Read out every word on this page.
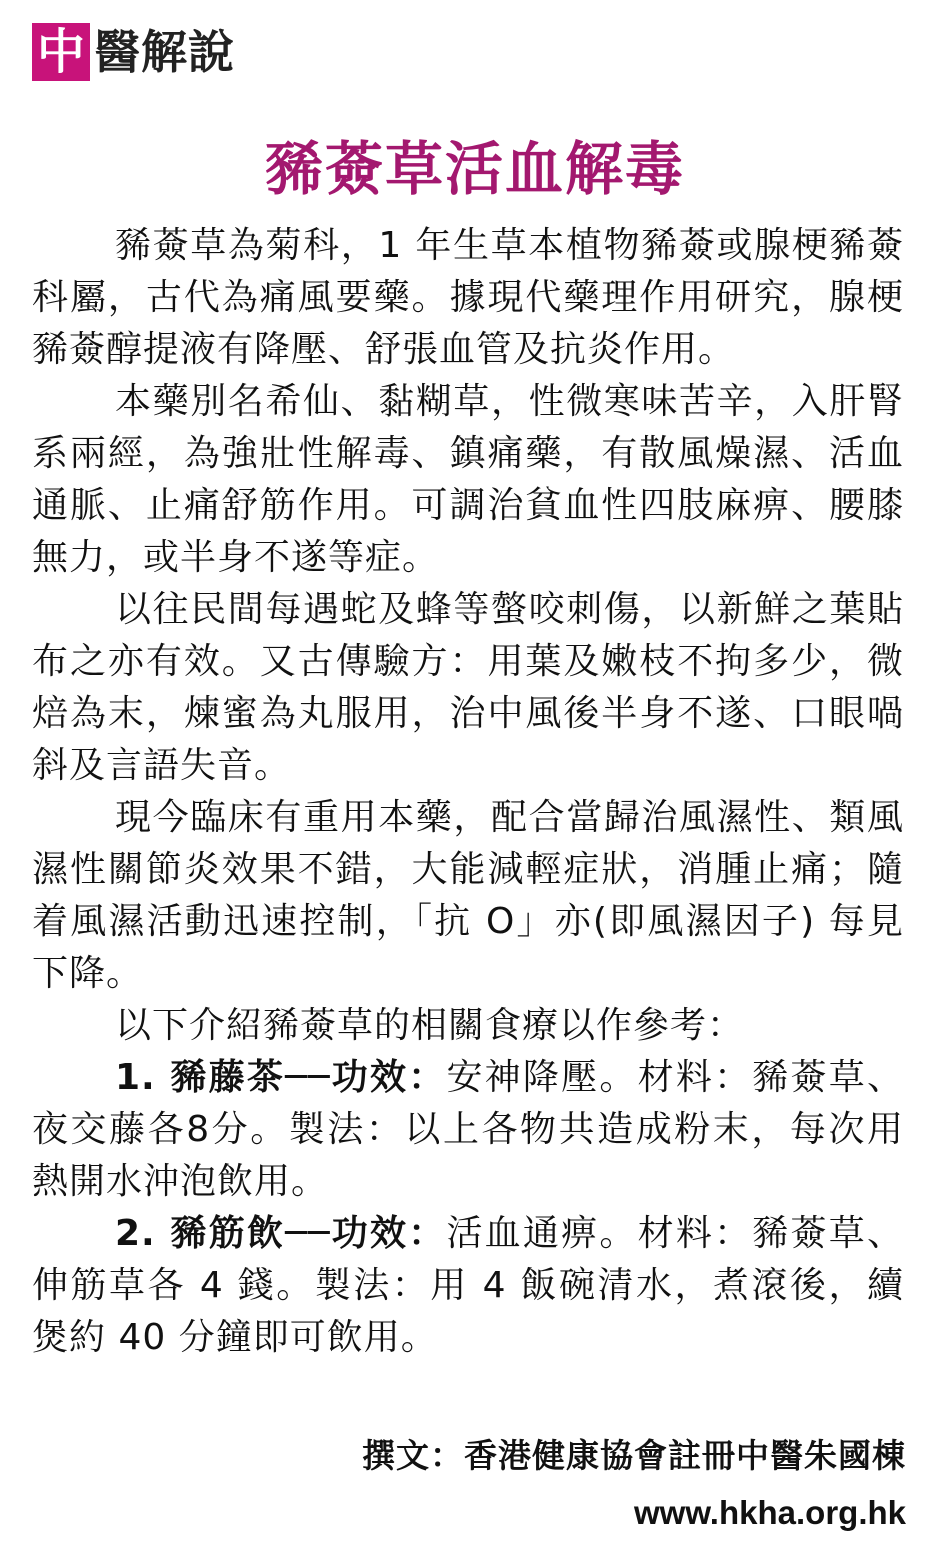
中 醫解說
豨薟草活血解毒

豨薟草為菊科，1 年生草本植物豨薟或腺梗豨薟科屬，古代為痛風要藥。據現代藥理作用研究，腺梗豨薟醇提液有降壓、舒張血管及抗炎作用。

本藥別名希仙、黏糊草，性微寒味苦辛，入肝腎系兩經，為強壯性解毒、鎮痛藥，有散風燥濕、活血通脈、止痛舒筋作用。可調治貧血性四肢麻痹、腰膝無力，或半身不遂等症。

以往民間每遇蛇及蜂等螫咬刺傷，以新鮮之葉貼布之亦有效。又古傳驗方：用葉及嫩枝不拘多少，微焙為末，煉蜜為丸服用，治中風後半身不遂、口眼喎斜及言語失音。

現今臨床有重用本藥，配合當歸治風濕性、類風濕性關節炎效果不錯，大能減輕症狀，消腫止痛；隨着風濕活動迅速控制，「抗 O」亦(即風濕因子) 每見下降。

以下介紹豨薟草的相關食療以作參考：

1. 豨藤茶──功效：安神降壓。材料：豨薟草、夜交藤各8分。製法：以上各物共造成粉末，每次用熱開水沖泡飲用。

2. 豨筋飲──功效：活血通痹。材料：豨薟草、伸筋草各 4 錢。製法：用 4 飯碗清水，煮滾後，續煲約 40 分鐘即可飲用。

撰文：香港健康協會註冊中醫朱國棟
www.hkha.org.hk
